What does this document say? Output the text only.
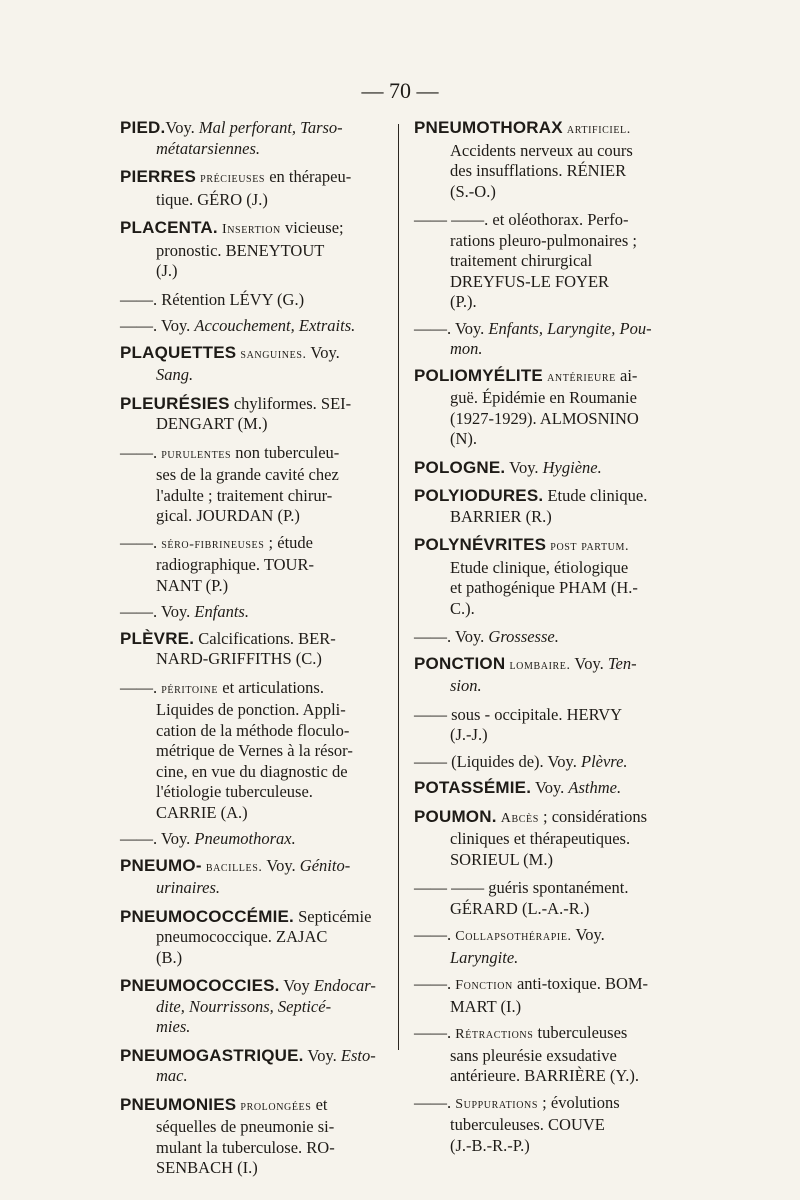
— 70 —
PIED.Voy. Mal perforant, Tarso-
métatarsiennes.
PIERRES précieuses en thérapeu-
tique. GÉRO (J.)
PLACENTA. Insertion vicieuse;
pronostic. BENEYTOUT
(J.)
——. Rétention LÉVY (G.)
——. Voy. Accouchement, Extraits.
PLAQUETTES sanguines. Voy.
Sang.
PLEURÉSIES chyliformes. SEI-
DENGART (M.)
——. purulentes non tuberculeu-
ses de la grande cavité chez
l'adulte ; traitement chirur-
gical. JOURDAN (P.)
——. séro-fibrineuses ; étude
radiographique. TOUR-
NANT (P.)
——. Voy. Enfants.
PLÈVRE. Calcifications. BER-
NARD-GRIFFITHS (C.)
——. péritoine et articulations.
Liquides de ponction. Appli-
cation de la méthode floculo-
métrique de Vernes à la résor-
cine, en vue du diagnostic de
l'étiologie tuberculeuse.
CARRIE (A.)
——. Voy. Pneumothorax.
PNEUMO- bacilles. Voy. Génito-
urinaires.
PNEUMOCOCCÉMIE. Septicémie
pneumococcique. ZAJAC
(B.)
PNEUMOCOCCIES. Voy Endocar-
dite, Nourrissons, Septicé-
mies.
PNEUMOGASTRIQUE. Voy. Esto-
mac.
PNEUMONIES prolongées et
séquelles de pneumonie si-
mulant la tuberculose. RO-
SENBACH (I.)
PNEUMOTHORAX artificiel.
Accidents nerveux au cours
des insufflations. RÉNIER
(S.-O.)
—— ——. et oléothorax. Perfo-
rations pleuro-pulmonaires ;
traitement chirurgical
DREYFUS-LE FOYER
(P.).
——. Voy. Enfants, Laryngite, Pou-
mon.
POLIOMYÉLITE antérieure ai-
guë. Épidémie en Roumanie
(1927-1929). ALMOSNINO
(N).
POLOGNE. Voy. Hygiène.
POLYIODURES. Etude clinique.
BARRIER (R.)
POLYNÉVRITES post partum.
Etude clinique, étiologique
et pathogénique PHAM (H.-
C.).
——. Voy. Grossesse.
PONCTION lombaire. Voy. Ten-
sion.
—— sous - occipitale. HERVY
(J.-J.)
—— (Liquides de). Voy. Plèvre.
POTASSÉMIE. Voy. Asthme.
POUMON. Abcès ; considérations
cliniques et thérapeutiques.
SORIEUL (M.)
—— —— guéris spontanément.
GÉRARD (L.-A.-R.)
——. Collapsothérapie. Voy.
Laryngite.
——. Fonction anti-toxique. BOM-
MART (I.)
——. Rétractions tuberculeuses
sans pleurésie exsudative
antérieure. BARRIÈRE (Y.).
——. Suppurations ; évolutions
tuberculeuses. COUVE
(J.-B.-R.-P.)
